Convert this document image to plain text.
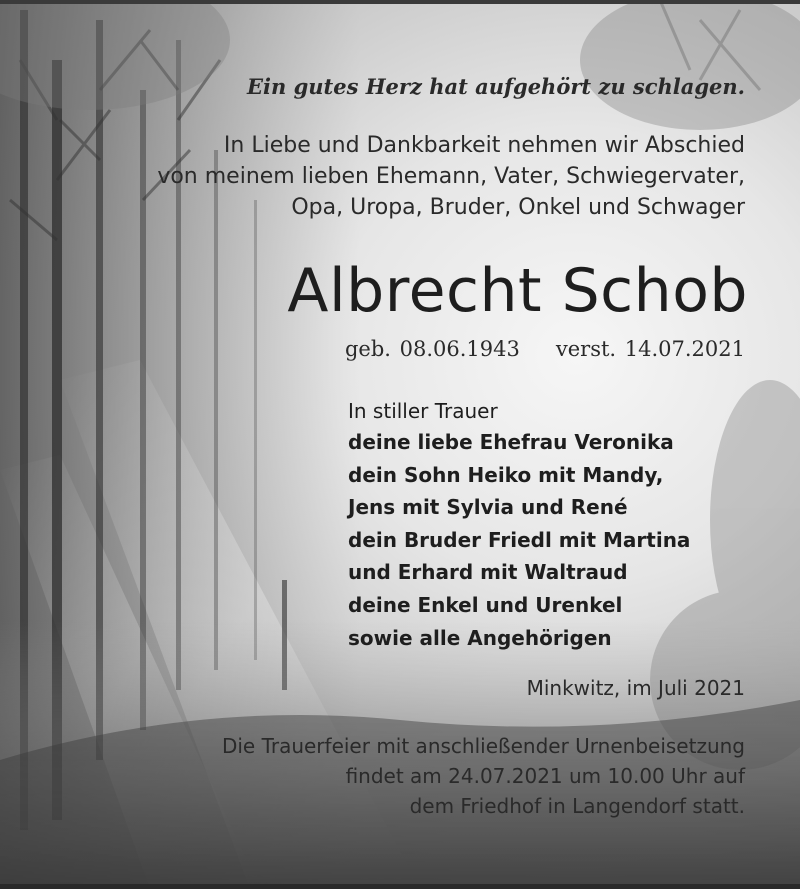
Ein gutes Herz hat aufgehört zu schlagen.
In Liebe und Dankbarkeit nehmen wir Abschied
von meinem lieben Ehemann, Vater, Schwiegervater,
Opa, Uropa, Bruder, Onkel und Schwager
Albrecht Schob
geb. 08.06.1943 verst. 14.07.2021
In stiller Trauer
deine liebe Ehefrau Veronika
dein Sohn Heiko mit Mandy,
Jens mit Sylvia und René
dein Bruder Friedl mit Martina
und Erhard mit Waltraud
deine Enkel und Urenkel
sowie alle Angehörigen
Minkwitz, im Juli 2021
Die Trauerfeier mit anschließender Urnenbeisetzung
findet am 24.07.2021 um 10.00 Uhr auf
dem Friedhof in Langendorf statt.
